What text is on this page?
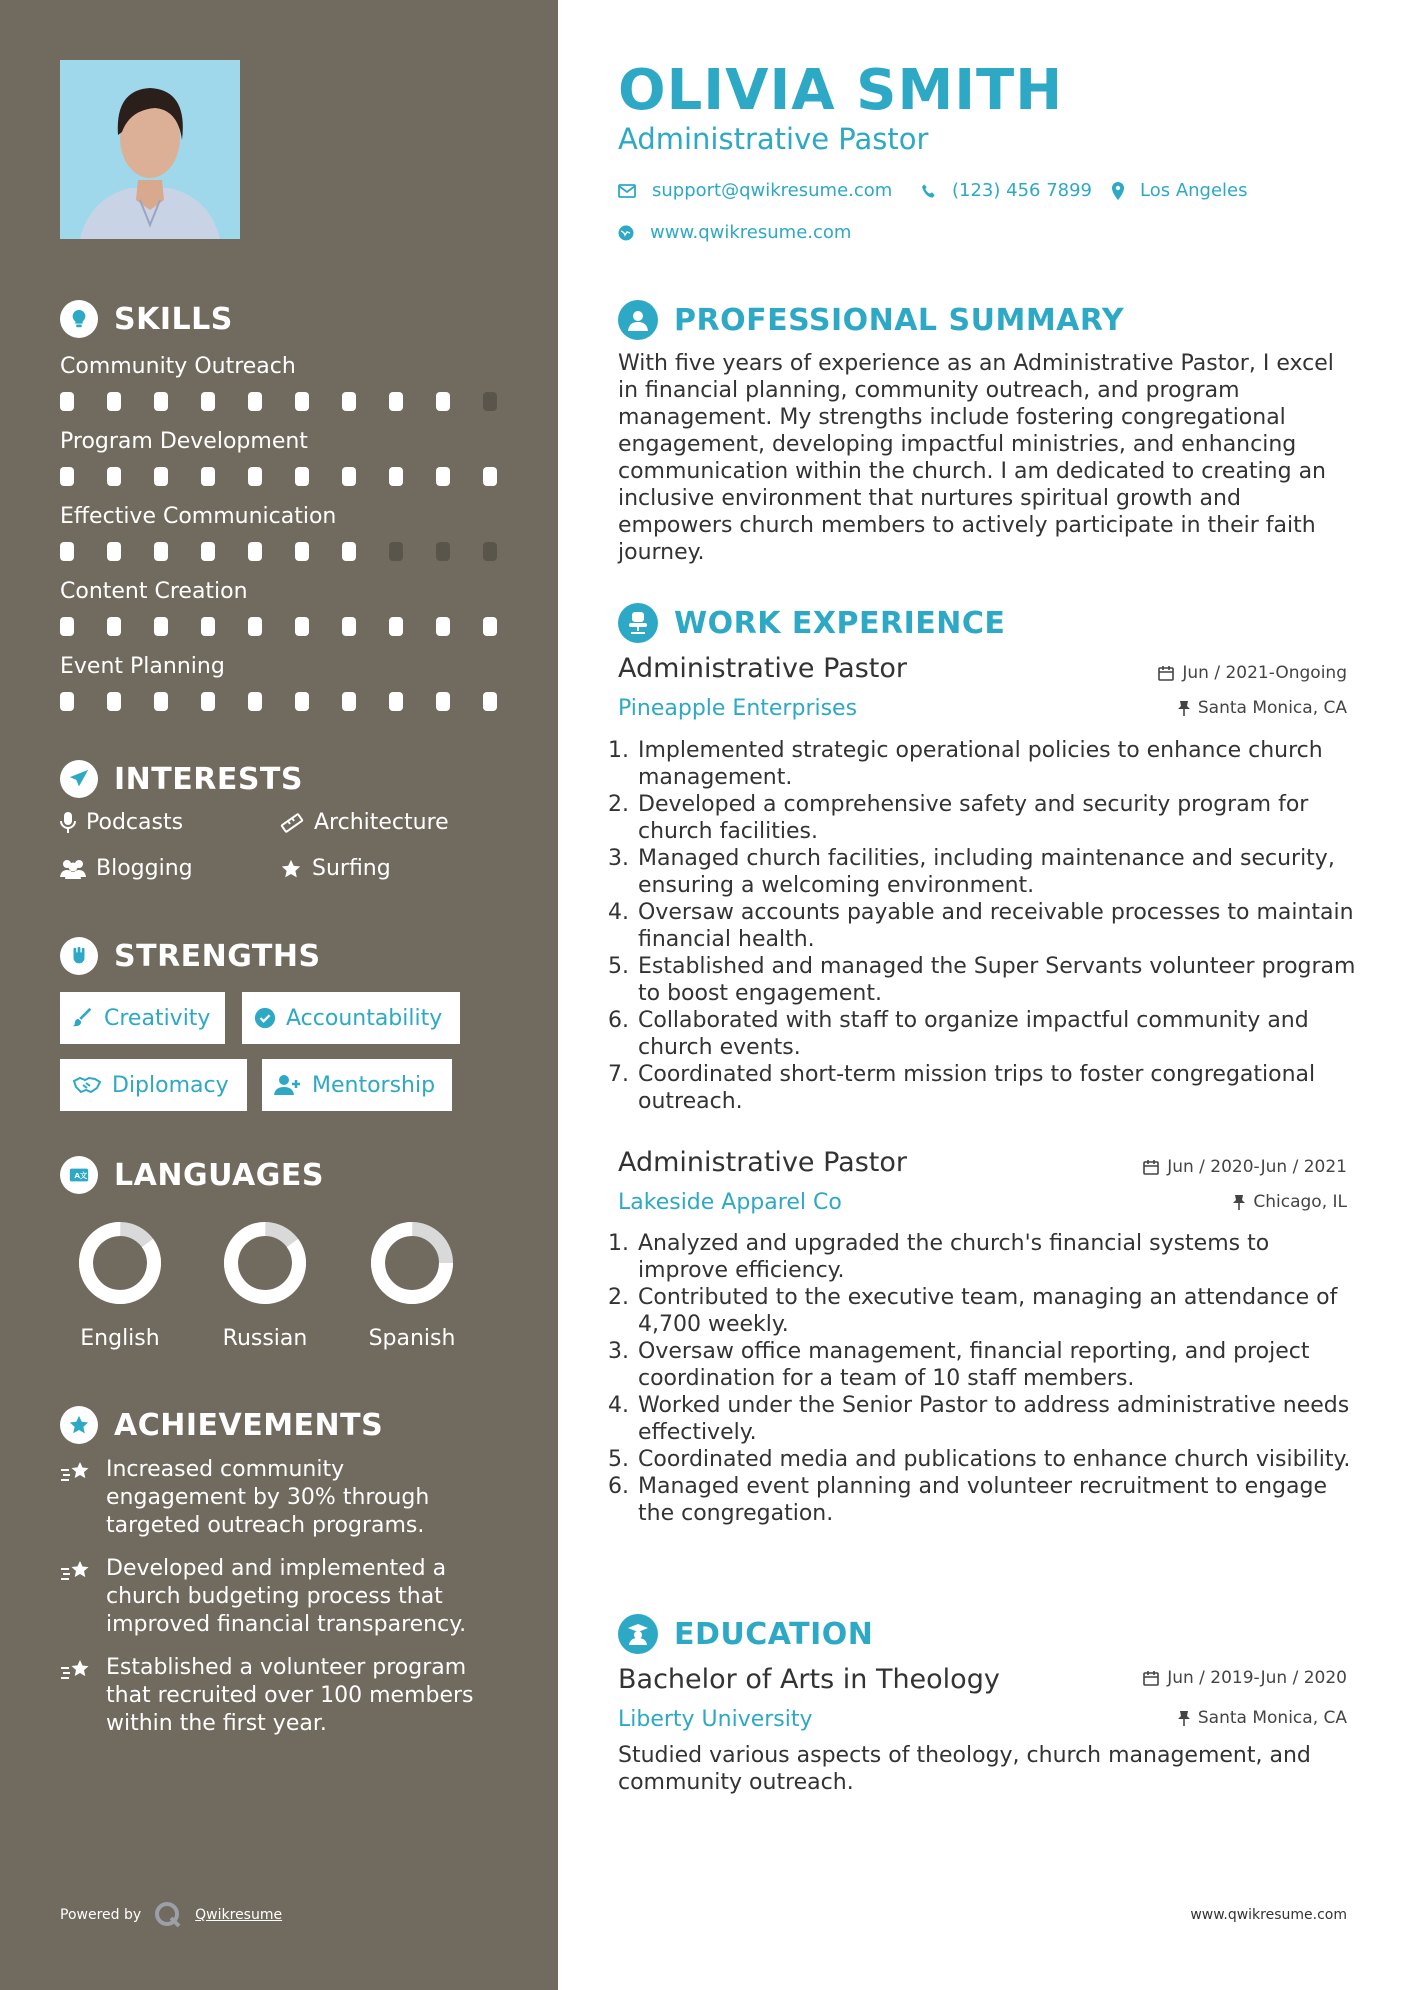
SKILLS
INTERESTS
Podcasts	Architecture
Blogging	Surfing
STRENGTHS
Creativity	Accountability
Diplomacy	Mentorship
A 文 LANGUAGES
ACHIEVEMENTS
Increased community engagement by 30% through targeted outreach programs.
Developed and implemented a church budgeting process that improved financial transparency.
Established a volunteer program that recruited over 100 members within the first year.
Powered by	Qwikresume
Community Outreach
Program Development
Effective Communication
Content Creation
Event Planning
English	Russian	Spanish
OLIVIA SMITH
Administrative Pastor
support@qwikresume.com	(123) 456 7899	Los Angeles
www.qwikresume.com
PROFESSIONAL SUMMARY
With five years of experience as an Administrative Pastor, I excel in financial planning, community outreach, and program management. My strengths include fostering congregational engagement, developing impactful ministries, and enhancing communication within the church. I am dedicated to creating an inclusive environment that nurtures spiritual growth and empowers church members to actively participate in their faith journey.
WORK EXPERIENCE
Administrative Pastor
Pineapple Enterprises
Jun / 2021-Ongoing
Santa Monica, CA
1. Implemented strategic operational policies to enhance church management.
2. Developed a comprehensive safety and security program for church facilities.
3. Managed church facilities, including maintenance and security, ensuring a welcoming environment.
4. Oversaw accounts payable and receivable processes to maintain financial health.
5. Established and managed the Super Servants volunteer program to boost engagement.
6. Collaborated with staff to organize impactful community and church events.
7. Coordinated short-term mission trips to foster congregational outreach.
Administrative Pastor
Lakeside Apparel Co
Jun / 2020-Jun / 2021
Chicago, IL
1. Analyzed and upgraded the church's financial systems to improve efficiency.
2. Contributed to the executive team, managing an attendance of 4,700 weekly.
3. Oversaw office management, financial reporting, and project coordination for a team of 10 staff members.
4. Worked under the Senior Pastor to address administrative needs effectively.
5. Coordinated media and publications to enhance church visibility.
6. Managed event planning and volunteer recruitment to engage the congregation.
EDUCATION
Bachelor of Arts in Theology
Liberty University
Jun / 2019-Jun / 2020
Santa Monica, CA
Studied various aspects of theology, church management, and community outreach.
www.qwikresume.com
